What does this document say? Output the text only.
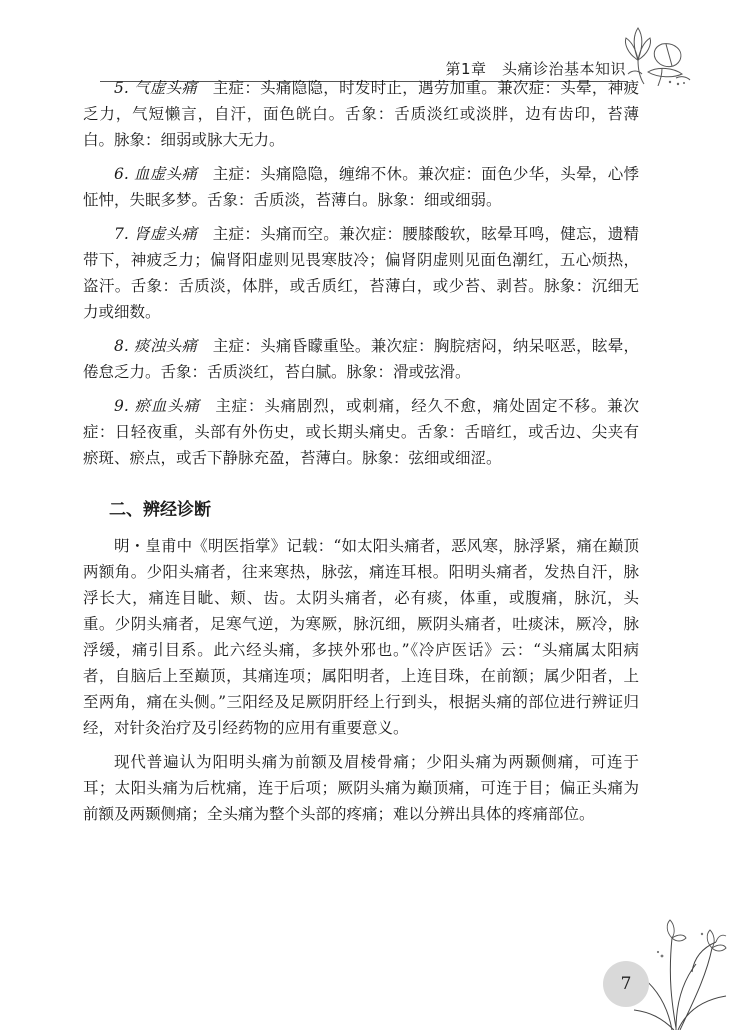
第1章　头痛诊治基本知识

5. 气虚头痛 主症：头痛隐隐，时发时止，遇劳加重。兼次症：头晕，神疲乏力，气短懒言，自汗，面色㿠白。舌象：舌质淡红或淡胖，边有齿印，苔薄白。脉象：细弱或脉大无力。

6. 血虚头痛 主症：头痛隐隐，缠绵不休。兼次症：面色少华，头晕，心悸怔忡，失眠多梦。舌象：舌质淡，苔薄白。脉象：细或细弱。

7. 肾虚头痛 主症：头痛而空。兼次症：腰膝酸软，眩晕耳鸣，健忘，遗精带下，神疲乏力；偏肾阳虚则见畏寒肢冷；偏肾阴虚则见面色潮红，五心烦热，盗汗。舌象：舌质淡，体胖，或舌质红，苔薄白，或少苔、剥苔。脉象：沉细无力或细数。

8. 痰浊头痛 主症：头痛昏矇重坠。兼次症：胸脘痞闷，纳呆呕恶，眩晕，倦怠乏力。舌象：舌质淡红，苔白腻。脉象：滑或弦滑。

9. 瘀血头痛 主症：头痛剧烈，或刺痛，经久不愈，痛处固定不移。兼次症：日轻夜重，头部有外伤史，或长期头痛史。舌象：舌暗红，或舌边、尖夹有瘀斑、瘀点，或舌下静脉充盈，苔薄白。脉象：弦细或细涩。

二、辨经诊断

明・皇甫中《明医指掌》记载：“如太阳头痛者，恶风寒，脉浮紧，痛在巅顶两额角。少阳头痛者，往来寒热，脉弦，痛连耳根。阳明头痛者，发热自汗，脉浮长大，痛连目眦、颊、齿。太阴头痛者，必有痰，体重，或腹痛，脉沉，头重。少阴头痛者，足寒气逆，为寒厥，脉沉细，厥阴头痛者，吐痰沫，厥冷，脉浮缓，痛引目系。此六经头痛，多挟外邪也。”《冷庐医话》云：“头痛属太阳病者，自脑后上至巅顶，其痛连项；属阳明者，上连目珠，在前额；属少阳者，上至两角，痛在头侧。”三阳经及足厥阴肝经上行到头，根据头痛的部位进行辨证归经，对针灸治疗及引经药物的应用有重要意义。

现代普遍认为阳明头痛为前额及眉棱骨痛；少阳头痛为两颞侧痛，可连于耳；太阳头痛为后枕痛，连于后项；厥阴头痛为巅顶痛，可连于目；偏正头痛为前额及两颞侧痛；全头痛为整个头部的疼痛；难以分辨出具体的疼痛部位。

7
